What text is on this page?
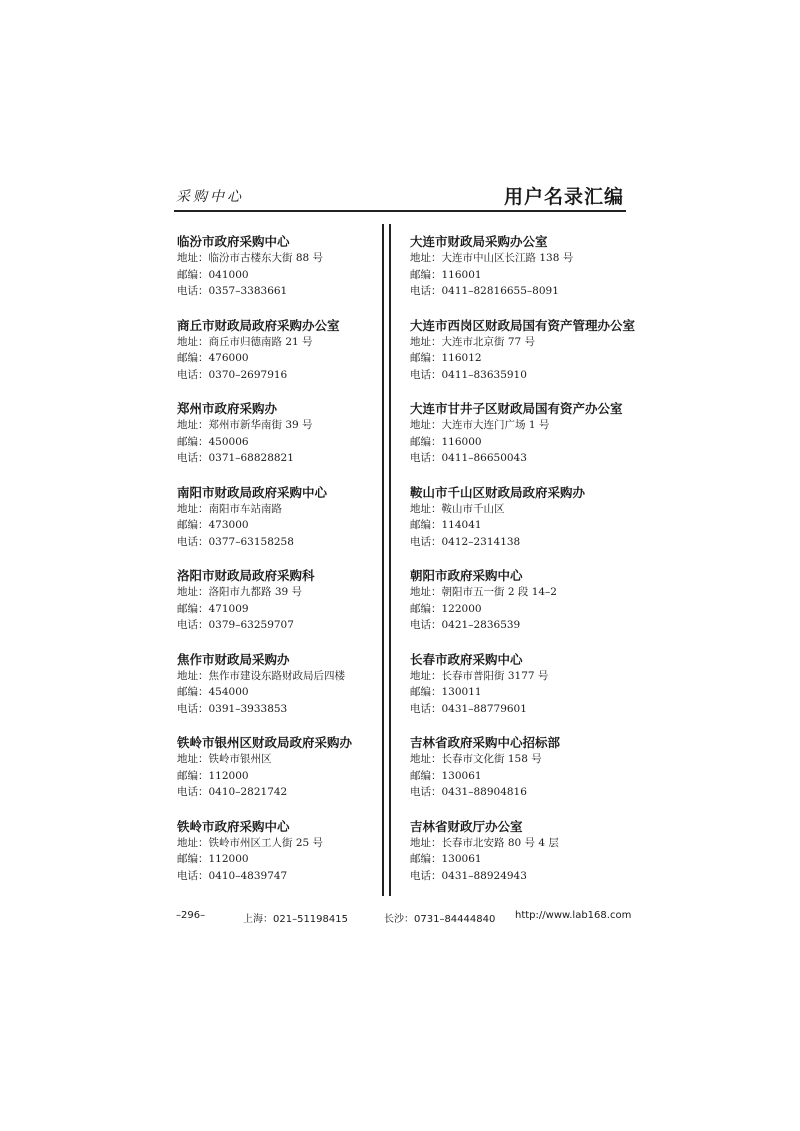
采购中心	用户名录汇编
临汾市政府采购中心
地址：临汾市古楼东大街 88 号
邮编：041000
电话：0357–3383661
商丘市财政局政府采购办公室
地址：商丘市归德南路 21 号
邮编：476000
电话：0370–2697916
郑州市政府采购办
地址：郑州市新华南街 39 号
邮编：450006
电话：0371–68828821
南阳市财政局政府采购中心
地址：南阳市车站南路
邮编：473000
电话：0377–63158258
洛阳市财政局政府采购科
地址：洛阳市九都路 39 号
邮编：471009
电话：0379–63259707
焦作市财政局采购办
地址：焦作市建设东路财政局后四楼
邮编：454000
电话：0391–3933853
铁岭市银州区财政局政府采购办
地址：铁岭市银州区
邮编：112000
电话：0410–2821742
铁岭市政府采购中心
地址：铁岭市州区工人街 25 号
邮编：112000
电话：0410–4839747
大连市财政局采购办公室
地址：大连市中山区长江路 138 号
邮编：116001
电话：0411–82816655–8091
大连市西岗区财政局国有资产管理办公室
地址：大连市北京街 77 号
邮编：116012
电话：0411–83635910
大连市甘井子区财政局国有资产办公室
地址：大连市大连门广场 1 号
邮编：116000
电话：0411–86650043
鞍山市千山区财政局政府采购办
地址：鞍山市千山区
邮编：114041
电话：0412–2314138
朝阳市政府采购中心
地址：朝阳市五一街 2 段 14–2
邮编：122000
电话：0421–2836539
长春市政府采购中心
地址：长春市普阳街 3177 号
邮编：130011
电话：0431–88779601
吉林省政府采购中心招标部
地址：长春市文化街 158 号
邮编：130061
电话：0431–88904816
吉林省财政厅办公室
地址：长春市北安路 80 号 4 层
邮编：130061
电话：0431–88924943
–296–	上海：021–51198415	长沙：0731–84444840 http://www.lab168.com
